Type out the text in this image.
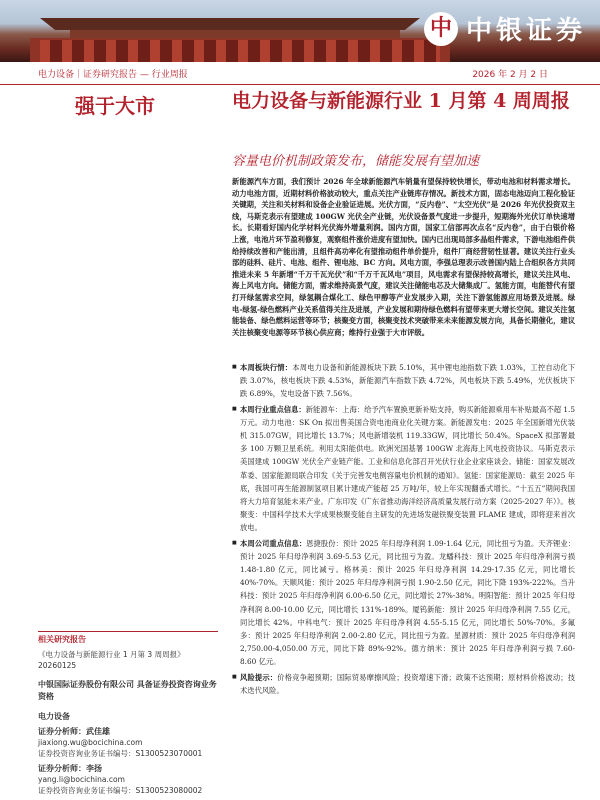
中 中银证券
电力设备｜证券研究报告 — 行业周报	2026 年 2 月 2 日
强于大市	电力设备与新能源行业 1 月第 4 周周报
容量电价机制政策发布，储能发展有望加速

新能源汽车方面，我们预计 2026 年全球新能源汽车销量有望保持较快增长，带动电池和材料需求增长。动力电池方面，近期材料价格波动较大，重点关注产业链库存情况。新技术方面，固态电池迈向工程化验证关键期，关注和关材料和设备企业验证进展。光伏方面，“反内卷”、“太空光伏”是 2026 年光伏投资双主线，马斯克表示有望建成 100GW 光伏全产业链，光伏设备景气度进一步提升，短期海外光伏订单快速增长。长期看好国内化学材料光伏海外增量利润。国内方面，国家工信部再次点名“反内卷”，由于白银价格上涨，电池片环节盈利修复，观察组件涨价进度有望加快。国内已出现局部多晶组件需求，下游电池组件供给持续改善和产能出清，且组件高功率化有望推动组件单价提升，组件厂商经营韧性显著。建议关注行业头部的硅料、硅片、电池、组件、锂电池、BC 方向。风电方面，李强总理表示改善国内陆上合组织各方共同推进未来 5 年新增“千万千瓦光伏”和“千万千瓦风电”项目，风电需求有望保持较高增长，建议关注风电、海上风电方向。储能方面，需求维持高景气度，建议关注储能电芯及大储集成厂。氢能方面，电能替代有望打开绿氢需求空间，绿氢耦合煤化工、绿色甲醇等产业发展步入期，关注下游氢能源应用场景及进展。绿电-绿氢-绿色燃料产业关系值得关注及进展，产业发展和期待绿色燃料有望带来更大增长空间。建议关注氢能装备、绿色燃料运营等环节；核聚变方面，核聚变技术突破带来未来能源发展方向，具备长期催化，建议关注核聚变电源等环节核心供应商；维持行业强于大市评级。

■ 本周板块行情：本周电力设备和新能源板块下跌 5.10%，其中锂电池指数下跌 1.03%，工控自动化下跌 3.07%，核电板块下跌 4.53%，新能源汽车指数下跌 4.72%，风电板块下跌 5.49%，光伏板块下跌 6.89%，发电设备下跌 7.56%。
■ 本周行业重点信息：新能源车：上海：给予汽车置换更新补贴支持，购买新能源乘用车补贴最高不超 1.5 万元。动力电池：SK On 拟出售美国合资电池商业化关键方案。新能源发电：2025 年全国新增光伏装机 315.07GW，同比增长 13.7%；风电新增装机 119.33GW，同比增长 50.4%。SpaceX 拟部署最多 100 万颗卫星系统。利用太阳能供电。欧洲光国基署 100GW 北海海上风电投资协议。马斯克表示美国建成 100GW 光伏全产业链产能。工业和信息化部召开光伏行业企业家座谈会。储能：国家发展改革委、国家能源局联合印发《关于完善发电侧容量电价机制的通知》。氢能：国家能源局：截至 2025 年底，我国可再生能源制氢项目累计建成产能超 25 万吨/年，较上年实现翻番式增长。“十五五”期间我国将大力培育氢能未来产业。广东印发《广东省推动海洋经济高质量发展行动方案（2025-2027 年）》。核聚变：中国科学技术大学成果核聚变能自主研发的先进场发磁铁聚变装置 FLAME 建成，即将迎来首次放电。
■ 本周公司重点信息：恩捷股份：预计 2025 年归母净利润 1.09-1.64 亿元，同比扭亏为盈。天齐锂业：预计 2025 年归母净利润 3.69-5.53 亿元，同比扭亏为盈。龙蟠科技：预计 2025 年归母净利润亏损 1.48-1.80 亿元，同比减亏。格林美：预计 2025 年归母净利润 14.29-17.35 亿元，同比增长 40%-70%。天顺风能：预计 2025 年归母净利润亏损 1.90-2.50 亿元，同比下降 193%-222%。当升科技：预计 2025 年归母净利润 6.00-6.50 亿元，同比增长 27%-38%。明阳智能：预计 2025 年归母净利润 8.00-10.00 亿元，同比增长 131%-189%。厦钨新能：预计 2025 年归母净利润 7.55 亿元，同比增长 42%。中科电气：预计 2025 年归母净利润 4.55-5.15 亿元，同比增长 50%-70%。多氟多：预计 2025 年归母净利润 2.00-2.80 亿元，同比扭亏为盈。星源材质：预计 2025 年归母净利润 2,750.00-4,050.00 万元，同比下降 89%-92%。德方纳米：预计 2025 年归母净利润亏损 7.60-8.60 亿元。
■ 风险提示：价格竞争超预期；国际贸易摩擦风险；投资增速下滑；政策不达预期；原材料价格波动；技术迭代风险。
相关研究报告
《电力设备与新能源行业 1 月第 3 周周报》 20260125
中银国际证券股份有限公司 具备证券投资咨询业务资格
电力设备
证券分析师：武佳雄
jiaxiong.wu@bocichina.com
证券投资咨询业务证书编号：S1300523070001
证券分析师：李扬
yang.li@bocichina.com
证券投资咨询业务证书编号：S1300523080002
